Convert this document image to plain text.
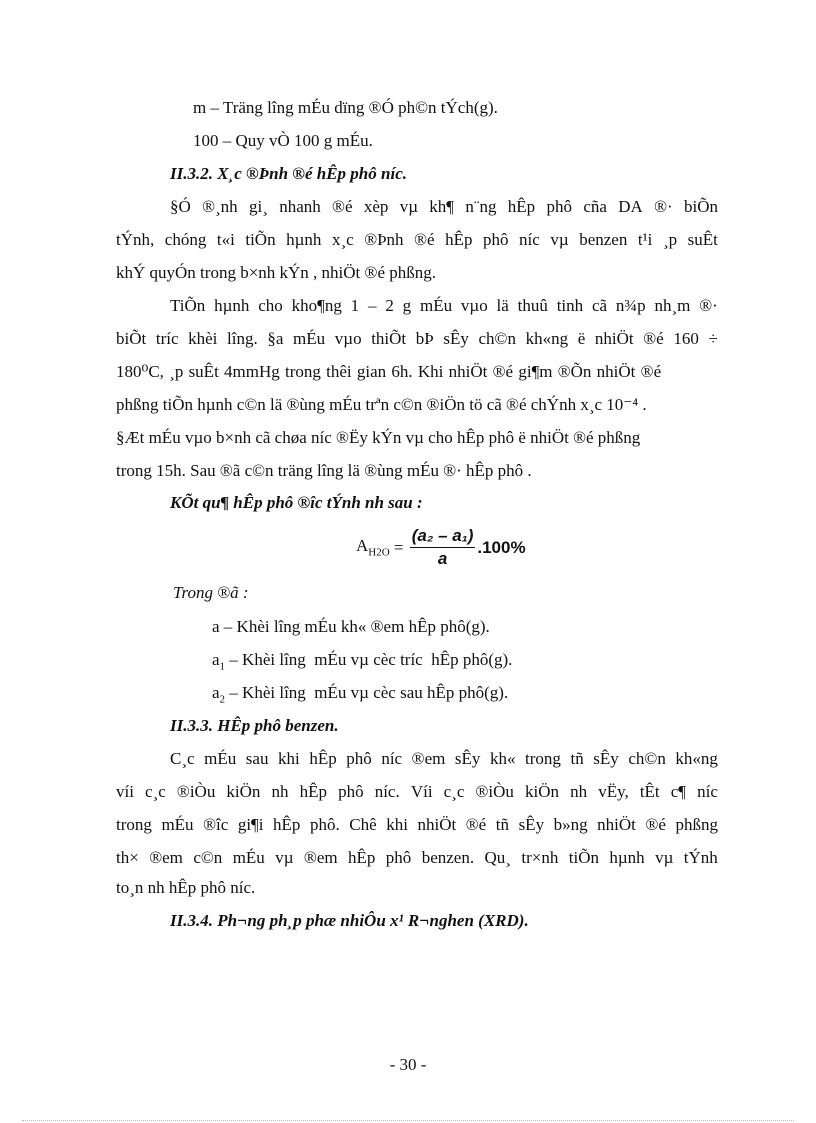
m – Träng lîng mÉu dïng ®Ó ph©n tÝch(g).
100 – Quy vÒ 100 g mÉu.
II.3.2. X¸c ®Þnh ®é hÊp phô níc.
§Ó ®¸nh gi¸ nhanh ®é xèp vµ kh¶ n¨ng hÊp phô cña DA ®· biÕn
tÝnh, chóng t«i tiÕn hµnh x¸c ®Þnh ®é hÊp phô níc vµ benzen t¹i ¸p suÊt
khÝ quyÓn trong b×nh kÝn , nhiÖt ®é phßng.
TiÕn hµnh cho kho¶ng 1 – 2 g mÉu vµo lä thuû tinh cã n¾p nh¸m ®·
biÕt tríc khèi lîng. §a mÉu vµo thiÕt bÞ sÊy ch©n kh«ng ë nhiÖt ®é 160 ÷
180⁰C, ¸p suÊt 4mmHg trong thêi gian 6h. Khi nhiÖt ®é gi¶m ®Õn nhiÖt ®é
phßng tiÕn hµnh c©n lä ®ùng mÉu trªn c©n ®iÖn tö cã ®é chÝnh x¸c 10⁻⁴ .
§Æt mÉu vµo b×nh cã chøa níc ®Ëy kÝn vµ cho hÊp phô ë nhiÖt ®é phßng
trong 15h. Sau ®ã c©n träng lîng lä ®ùng mÉu ®· hÊp phô .
KÕt qu¶ hÊp phô ®îc tÝnh nh sau :
$A_{H2O} = \frac{\text{(a₂ – a₁)}}{a} .100\%$
Trong ®ã :
a – Khèi lîng mÉu kh« ®em hÊp phô(g).
$a_1$ – Khèi lîng  mÉu vµ cèc tríc  hÊp phô(g).
$a_2$ – Khèi lîng  mÉu vµ cèc sau hÊp phô(g).
II.3.3. HÊp phô benzen.
C¸c mÉu sau khi hÊp phô níc ®em sÊy kh« trong tñ sÊy ch©n kh«ng
víi c¸c ®iÒu kiÖn nh hÊp phô níc. Víi c¸c ®iÒu kiÖn nh vËy, tÊt c¶ níc
trong mÉu ®îc gi¶i hÊp phô. Chê khi nhiÖt ®é tñ sÊy b»ng nhiÖt ®é phßng
th× ®em c©n mÉu vµ ®em hÊp phô benzen. Qu¸ tr×nh tiÕn hµnh vµ tÝnh
to¸n nh hÊp phô níc.
II.3.4. Ph¬ng ph¸p phæ nhiÔu x¹ R¬nghen (XRD).
- 30 -
